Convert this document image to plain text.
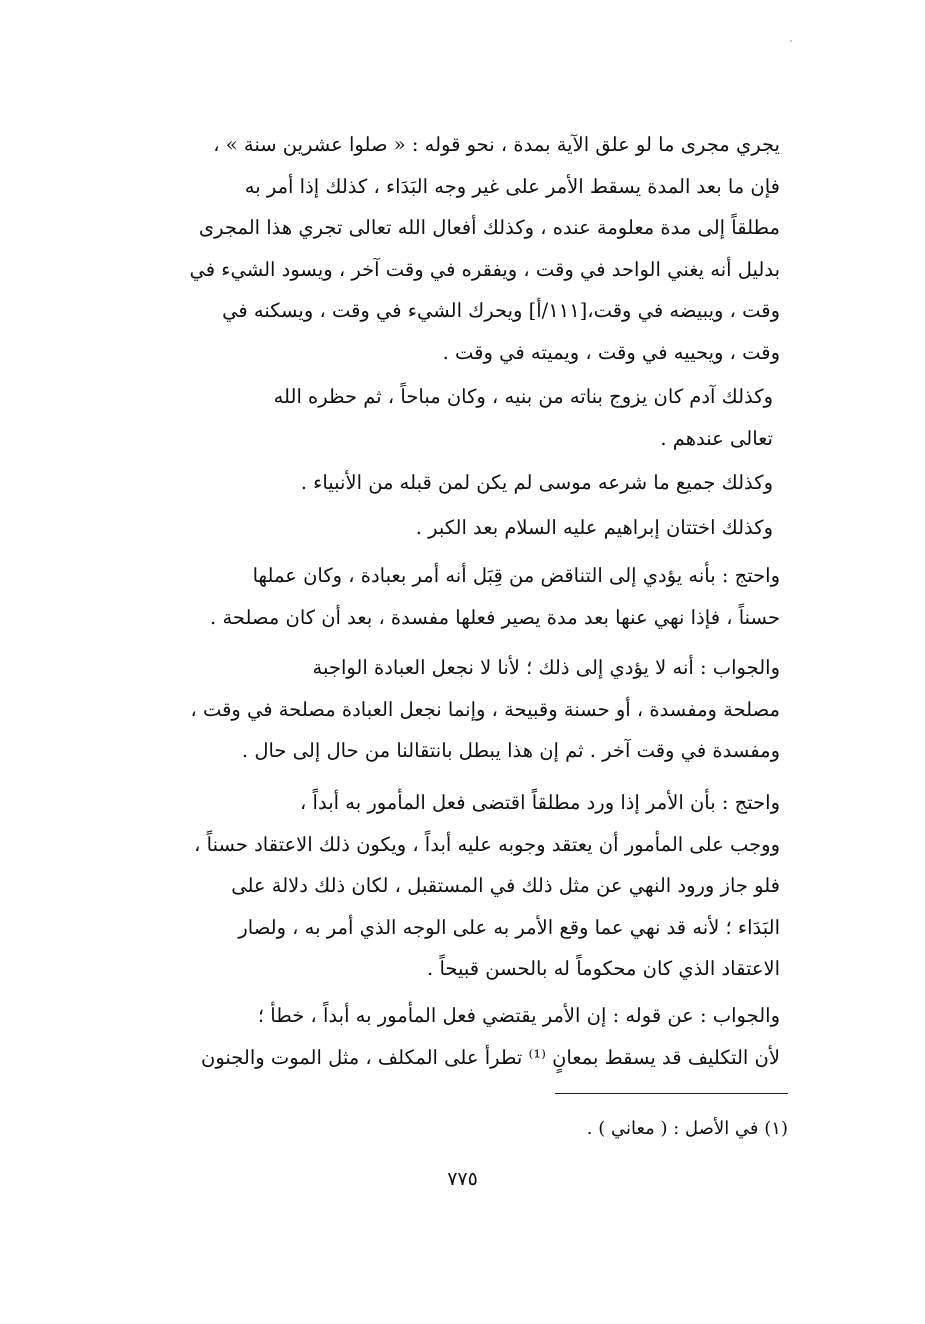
يجري مجرى ما لو علق الآية بمدة ، نحو قوله : « صلوا عشرين سنة » ،
فإن ما بعد المدة يسقط الأمر على غير وجه البَدَاء ، كذلك إذا أمر به
مطلقاً إلى مدة معلومة عنده ، وكذلك أفعال الله تعالى تجري هذا المجرى
بدليل أنه يغني الواحد في وقت ، ويفقره في وقت آخر ، ويسود الشيء في
وقت ، ويبيضه في وقت،[١١١/أ] ويحرك الشيء في وقت ، ويسكنه في
وقت ، ويحييه في وقت ، ويميته في وقت .
وكذلك آدم كان يزوج بناته من بنيه ، وكان مباحاً ، ثم حظره الله
تعالى عندهم .
وكذلك جميع ما شرعه موسى لم يكن لمن قبله من الأنبياء .
وكذلك اختتان إبراهيم عليه السلام بعد الكبر .
واحتج : بأنه يؤدي إلى التناقض من قِبَل أنه أمر بعبادة ، وكان عملها
حسناً ، فإذا نهي عنها بعد مدة يصير فعلها مفسدة ، بعد أن كان مصلحة .
والجواب : أنه لا يؤدي إلى ذلك ؛ لأنا لا نجعل العبادة الواجبة
مصلحة ومفسدة ، أو حسنة وقبيحة ، وإنما نجعل العبادة مصلحة في وقت ،
ومفسدة في وقت آخر . ثم إن هذا يبطل بانتقالنا من حال إلى حال .
واحتج : بأن الأمر إذا ورد مطلقاً اقتضى فعل المأمور به أبداً ،
ووجب على المأمور أن يعتقد وجوبه عليه أبداً ، ويكون ذلك الاعتقاد حسناً ،
فلو جاز ورود النهي عن مثل ذلك في المستقبل ، لكان ذلك دلالة على
البَدَاء ؛ لأنه قد نهي عما وقع الأمر به على الوجه الذي أمر به ، ولصار
الاعتقاد الذي كان محكوماً له بالحسن قبيحاً .
والجواب : عن قوله : إن الأمر يقتضي فعل المأمور به أبداً ، خطأ ؛
لأن التكليف قد يسقط بمعانٍ ⁽¹⁾ تطرأ على المكلف ، مثل الموت والجنون
(١) في الأصل : ( معاني ) .
٧٧٥
